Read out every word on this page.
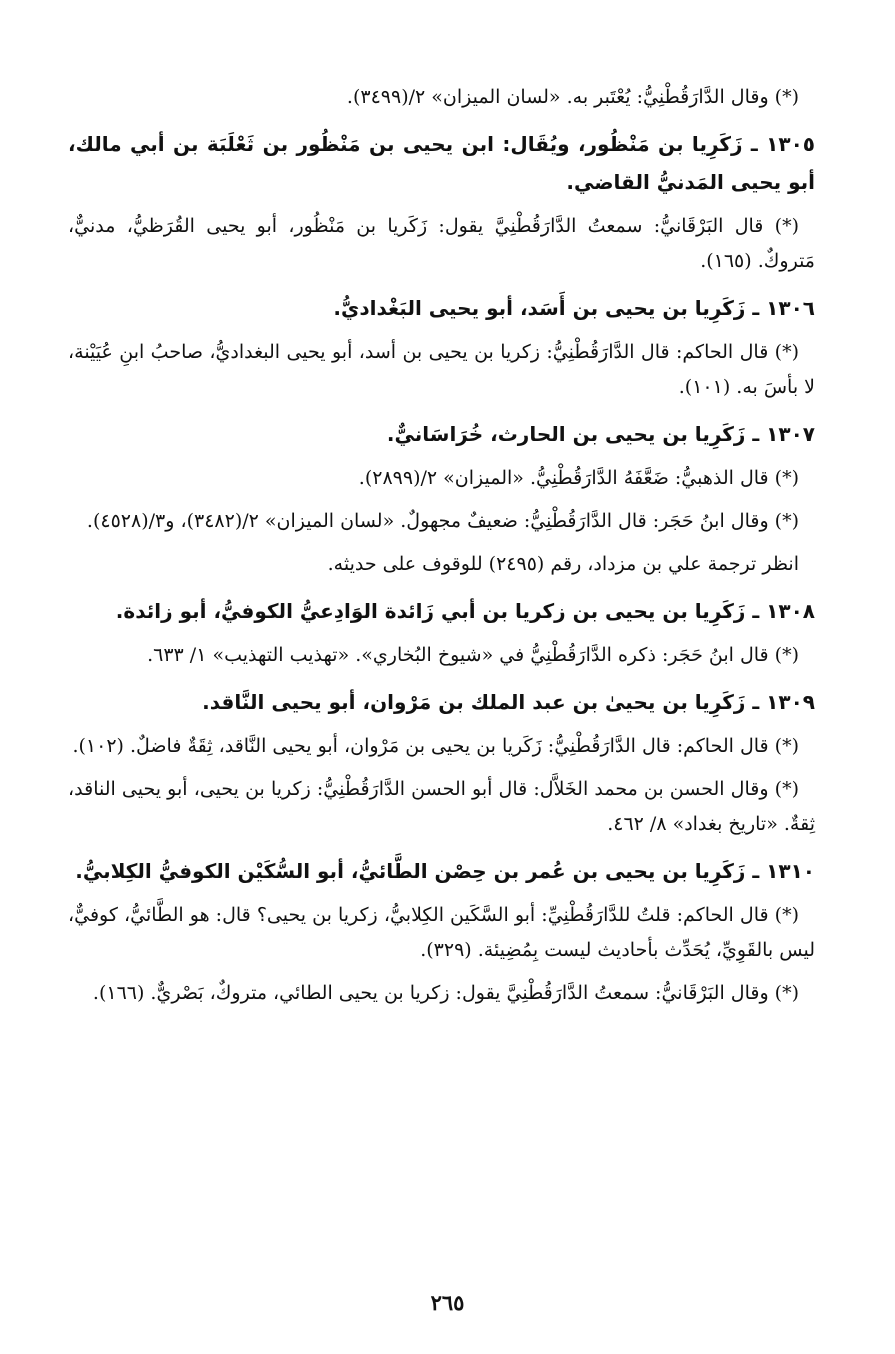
(*) وقال الدَّارَقُطْنِيُّ: يُعْتَبر به. «لسان الميزان» ٢/(٣٤٩٩).

١٣٠٥ ـ زَكَرِيا بن مَنْظُور، ويُقَال: ابن يحيى بن مَنْظُور بن ثَعْلَبَة بن أبي مالك، أبو يحيى المَدنيُّ القاضي.

(*) قال البَرْقَانيُّ: سمعتُ الدَّارَقُطْنِيَّ يقول: زَكَريا بن مَنْظُور، أبو يحيى القُرَظيُّ، مدنيٌّ، مَتروكٌ. (١٦٥).

١٣٠٦ ـ زَكَرِيا بن يحيى بن أَسَد، أبو يحيى البَغْداديُّ.

(*) قال الحاكم: قال الدَّارَقُطْنِيُّ: زكريا بن يحيى بن أسد، أبو يحيى البغداديُّ، صاحبُ ابنِ عُيَيْنة، لا بأسَ به. (١٠١).

١٣٠٧ ـ زَكَرِيا بن يحيى بن الحارث، خُرَاسَانيٌّ.

(*) قال الذهبيُّ: ضَعَّفَهُ الدَّارَقُطْنِيُّ. «الميزان» ٢/(٢٨٩٩).

(*) وقال ابنُ حَجَر: قال الدَّارَقُطْنِيُّ: ضعيفٌ مجهولٌ. «لسان الميزان» ٢/(٣٤٨٢)، و٣/(٤٥٢٨).

انظر ترجمة علي بن مزداد، رقم (٢٤٩٥) للوقوف على حديثه.

١٣٠٨ ـ زَكَرِيا بن يحيى بن زكريا بن أبي زَائدة الوَادِعيُّ الكوفيُّ، أبو زائدة.

(*) قال ابنُ حَجَر: ذكره الدَّارَقُطْنِيُّ في «شيوخ البُخاري». «تهذيب التهذيب» ١/ ٦٣٣.

١٣٠٩ ـ زَكَرِيا بن يحيىٰ بن عبد الملك بن مَرْوان، أبو يحيى النَّاقد.

(*) قال الحاكم: قال الدَّارَقُطْنِيُّ: زَكَريا بن يحيى بن مَرْوان، أبو يحيى النَّاقد، ثِقَةٌ فاضلٌ. (١٠٢).

(*) وقال الحسن بن محمد الخَلاَّل: قال أبو الحسن الدَّارَقُطْنِيُّ: زكريا بن يحيى، أبو يحيى الناقد، ثِقةٌ. «تاريخ بغداد» ٨/ ٤٦٢.

١٣١٠ ـ زَكَرِيا بن يحيى بن عُمر بن حِصْن الطَّائيُّ، أبو السُّكَيْن الكوفيُّ الكِلابيُّ.

(*) قال الحاكم: قلتُ للدَّارَقُطْنِيِّ: أبو السَّكَين الكِلابيُّ، زكريا بن يحيى؟ قال: هو الطَّائيُّ، كوفيٌّ، ليس بالقَوِيِّ، يُحَدِّث بأحاديث ليست بِمُضِيئة. (٣٢٩).

(*) وقال البَرْقَانيُّ: سمعتُ الدَّارَقُطْنِيَّ يقول: زكريا بن يحيى الطائي، متروكٌ، بَصْريٌّ. (١٦٦).

٢٦٥
